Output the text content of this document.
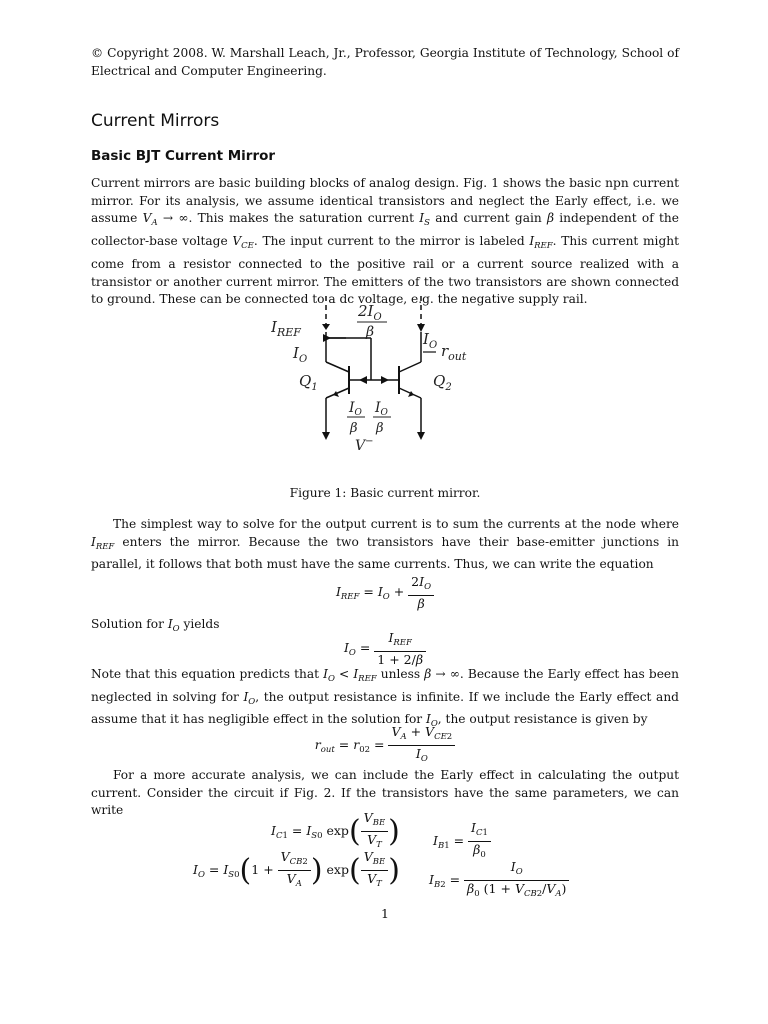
© Copyright 2008. W. Marshall Leach, Jr., Professor, Georgia Institute of Technology, School of Electrical and Computer Engineering.

Current Mirrors
Basic BJT Current Mirror

Current mirrors are basic building blocks of analog design. Fig. 1 shows the basic npn current mirror. For its analysis, we assume identical transistors and neglect the Early effect, i.e. we assume $V_A$ → ∞. This makes the saturation current $I_S$ and current gain β independent of the collector-base voltage $V_{CE}$. The input current to the mirror is labeled $I_{REF}$. This current might come from a resistor connected to the positive rail or a current source realized with a transistor or another current mirror. The emitters of the two transistors are shown connected to ground. These can be connected to a dc voltage, e.g. the negative supply rail.

$I_{REF}$
$I_O$
$Q_1$
$2I_O$
β	$I_O$ $r_{out}$
$Q_2$
$I_O$
β
$I_O$
β
V−
Figure 1: Basic current mirror.

The simplest way to solve for the output current is to sum the currents at the node where $I_{REF}$ enters the mirror. Because the two transistors have their base-emitter junctions in parallel, it follows that both must have the same currents. Thus, we can write the equation

$I_{REF} = I_O + \frac{2I_O}{\beta}$

Solution for $I_O$ yields

$I_O = \frac{I_{REF}}{1 + 2/\beta}$

Note that this equation predicts that $I_O < I_{REF}$ unless β → ∞. Because the Early effect has been neglected in solving for $I_O$, the output resistance is infinite. If we include the Early effect and assume that it has negligible effect in the solution for $I_O$, the output resistance is given by

$r_{out} = r_{02} = \frac{V_A + V_{CE2}}{I_O}$

For a more accurate analysis, we can include the Early effect in calculating the output current. Consider the circuit if Fig. 2. If the transistors have the same parameters, we can write

$I_{C1} = I_{S0}$ $\exp( \frac{V_{BE}}{V_T}$ )	$I_{B1} = \frac{I_{C1}}{\beta_0}$
$I_O = I_{S0}(1 + \frac{V_{CB2}}{V_A}$ ) $\exp( \frac{V_{BE}}{V_T}$ ) $I_{B2} = \frac{I_O}{\beta_0 (1 + V_{CB2}/V_A)}$
1
